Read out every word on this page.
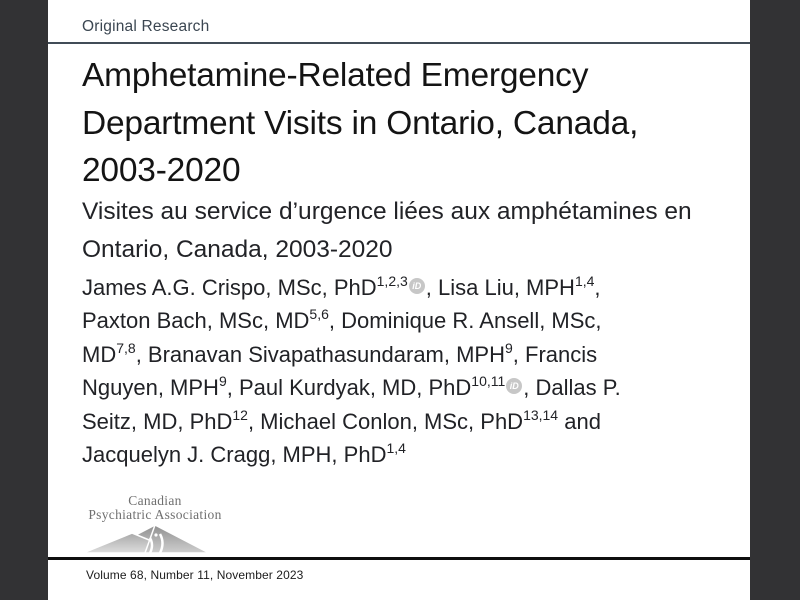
Original Research
Amphetamine-Related Emergency Department Visits in Ontario, Canada, 2003-2020
Visites au service d’urgence liées aux amphétamines en Ontario, Canada, 2003-2020
James A.G. Crispo, MSc, PhD$^{1,2,3}$ iD , Lisa Liu, MPH$^{1,4}$,
Paxton Bach, MSc, MD$^{5,6}$, Dominique R. Ansell, MSc,
MD$^{7,8}$, Branavan Sivapathasundaram, MPH$^9$, Francis
Nguyen, MPH$^9$, Paul Kurdyak, MD, PhD$^{10,11}$ iD , Dallas P.
Seitz, MD, PhD$^{12}$, Michael Conlon, MSc, PhD$^{13,14}$ and
Jacquelyn J. Cragg, MPH, PhD$^{1,4}$
Canadian
Psychiatric Association
Volume 68, Number 11, November 2023
